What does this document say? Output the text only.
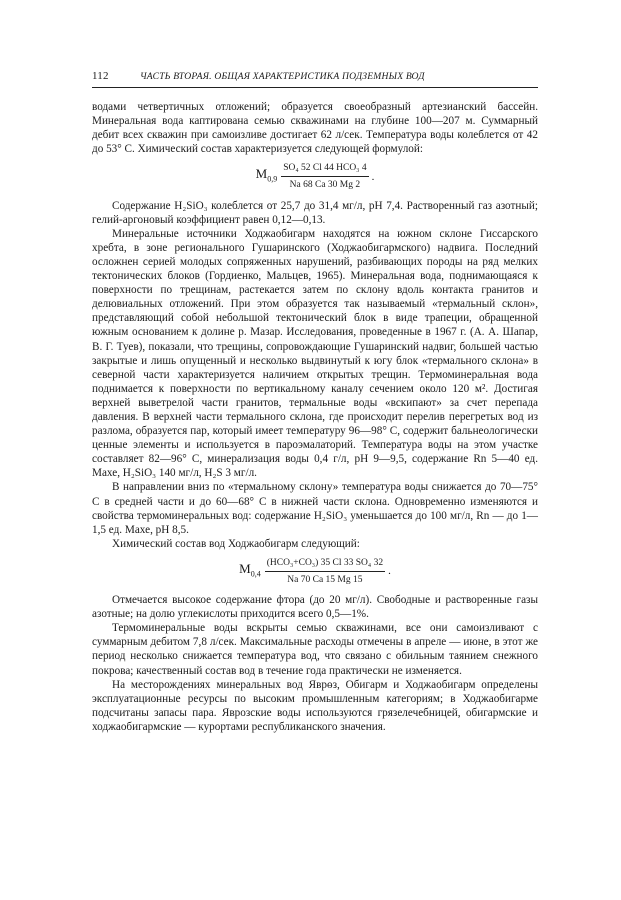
112	ЧАСТЬ ВТОРАЯ. ОБЩАЯ ХАРАКТЕРИСТИКА ПОДЗЕМНЫХ ВОД

водами четвертичных отложений; образуется своеобразный артезианский бассейн. Минеральная вода каптирована семью скважинами на глубине 100—207 м. Суммарный дебит всех скважин при самоизливе достигает 62 л/сек. Температура воды колеблется от 42 до 53° С. Химический состав характеризуется следующей формулой:

$M_{0,9} \frac{\text{SO₄ 52 Cl 44 HCO₃ 4}}{Na 68 Ca 30 Mg 2}$ .

Содержание H₂SiO₃ колеблется от 25,7 до 31,4 мг/л, pH 7,4. Растворенный газ азотный; гелий-аргоновый коэффициент равен 0,12—0,13.

Минеральные источники Ходжаобигарм находятся на южном склоне Гиссарского хребта, в зоне регионального Гушаринского (Ходжаобигармского) надвига. Последний осложнен серией молодых сопряженных нарушений, разбивающих породы на ряд мелких тектонических блоков (Гордиенко, Мальцев, 1965). Минеральная вода, поднимающаяся к поверхности по трещинам, растекается затем по склону вдоль контакта гранитов и делювиальных отложений. При этом образуется так называемый «термальный склон», представляющий собой небольшой тектонический блок в виде трапеции, обращенной южным основанием к долине р. Мазар. Исследования, проведенные в 1967 г. (А. А. Шапар, В. Г. Туев), показали, что трещины, сопровождающие Гушаринский надвиг, большей частью закрытые и лишь опущенный и несколько выдвинутый к югу блок «термального склона» в северной части характеризуется наличием открытых трещин. Термоминеральная вода поднимается к поверхности по вертикальному каналу сечением около 120 м². Достигая верхней выветрелой части гранитов, термальные воды «вскипают» за счет перепада давления. В верхней части термального склона, где происходит перелив перегретых вод из разлома, образуется пар, который имеет температуру 96—98° С, содержит бальнеологически ценные элементы и используется в пароэмалаторий. Температура воды на этом участке составляет 82—96° С, минерализация воды 0,4 г/л, pH 9—9,5, содержание Rn 5—40 ед. Махе, H₂SiO₃ 140 мг/л, H₂S 3 мг/л.

В направлении вниз по «термальному склону» температура воды снижается до 70—75° С в средней части и до 60—68° С в нижней части склона. Одновременно изменяются и свойства термоминеральных вод: содержание H₂SiO₃ уменьшается до 100 мг/л, Rn — до 1—1,5 ед. Махе, pH 8,5.

Химический состав вод Ходжаобигарм следующий:

$M_{0,4} \frac{\text{(HCO₃+CO₃) 35 Cl 33 SO₄ 32}}{Na 70 Ca 15 Mg 15}$ .

Отмечается высокое содержание фтора (до 20 мг/л). Свободные и растворенные газы азотные; на долю углекислоты приходится всего 0,5—1%.

Термоминеральные воды вскрыты семью скважинами, все они самоизливают с суммарным дебитом 7,8 л/сек. Максимальные расходы отмечены в апреле — июне, в этот же период несколько снижается температура вод, что связано с обильным таянием снежного покрова; качественный состав вод в течение года практически не изменяется.

На месторождениях минеральных вод Яврөз, Обигарм и Ходжаобигарм определены эксплуатационные ресурсы по высоким промышленным категориям; в Ходжаобигарме подсчитаны запасы пара. Яврозские воды используются грязелечебницей, обигармские и ходжаобигармские — курортами республиканского значения.
